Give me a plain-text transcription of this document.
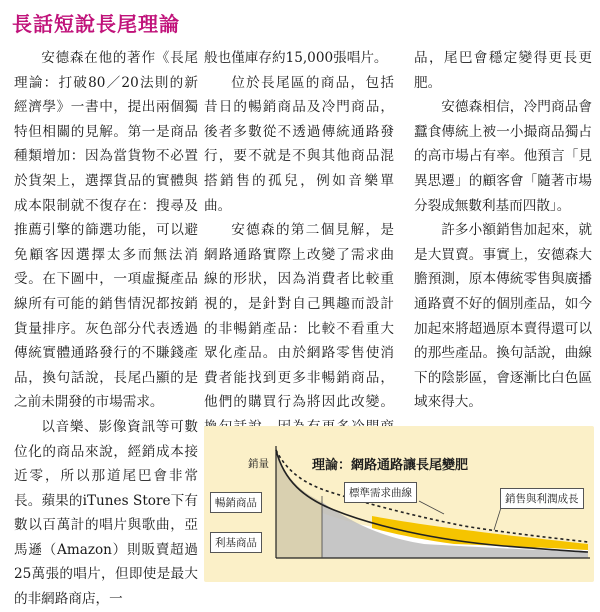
長話短說長尾理論

安德森在他的著作《長尾理論：打破80／20法則的新經濟學》一書中，提出兩個獨特但相關的見解。第一是商品種類增加：因為當貨物不必置於貨架上，選擇貨品的實體與成本限制就不復存在：搜尋及推薦引擎的篩選功能，可以避免顧客因選擇太多而無法消受。在下圖中，一項虛擬產品線所有可能的銷售情況都按銷貨量排序。灰色部分代表透過傳統實體通路發行的不賺錢產品，換句話說，長尾凸顯的是之前未開發的市場需求。

以音樂、影像資訊等可數位化的商品來說，經銷成本接近零，所以那道尾巴會非常長。蘋果的iTunes Store下有數以百萬計的唱片與歌曲，亞馬遜（Amazon）則販賣超過25萬張的唱片，但即使是最大的非網路商店，一

般也僅庫存約15,000張唱片。

位於長尾區的商品，包括昔日的暢銷商品及冷門商品，後者多數從不透過傳統通路發行，要不就是不與其他商品混搭銷售的孤兒，例如音樂單曲。

安德森的第二個見解，是網路通路實際上改變了需求曲線的形狀，因為消費者比較重視的，是針對自己興趣而設計的非暢銷產品：比較不看重大眾化產品。由於網路零售使消費者能找到更多非暢銷商品，他們的購買行為將因此改變。

品，尾巴會穩定變得更長更肥。

安德森相信，冷門商品會蠶食傳統上被一小撮商品獨占的高市場占有率。他預言「見異思遷」的顧客會「隨著市場分裂成無數利基而四散」。

許多小額銷售加起來，就是大買賣。事實上，安德森大膽預測，原本傳統零售與廣播通路賣不好的個別產品，如今加起來將超過原本賣得還可以的那些產品。換句話說，曲線下的陰影區，會逐漸比白色區域來得大。

銷量	理論：網路通路讓長尾變肥
暢銷商品
利基商品
標準需求曲線	銷售與利潤成長
